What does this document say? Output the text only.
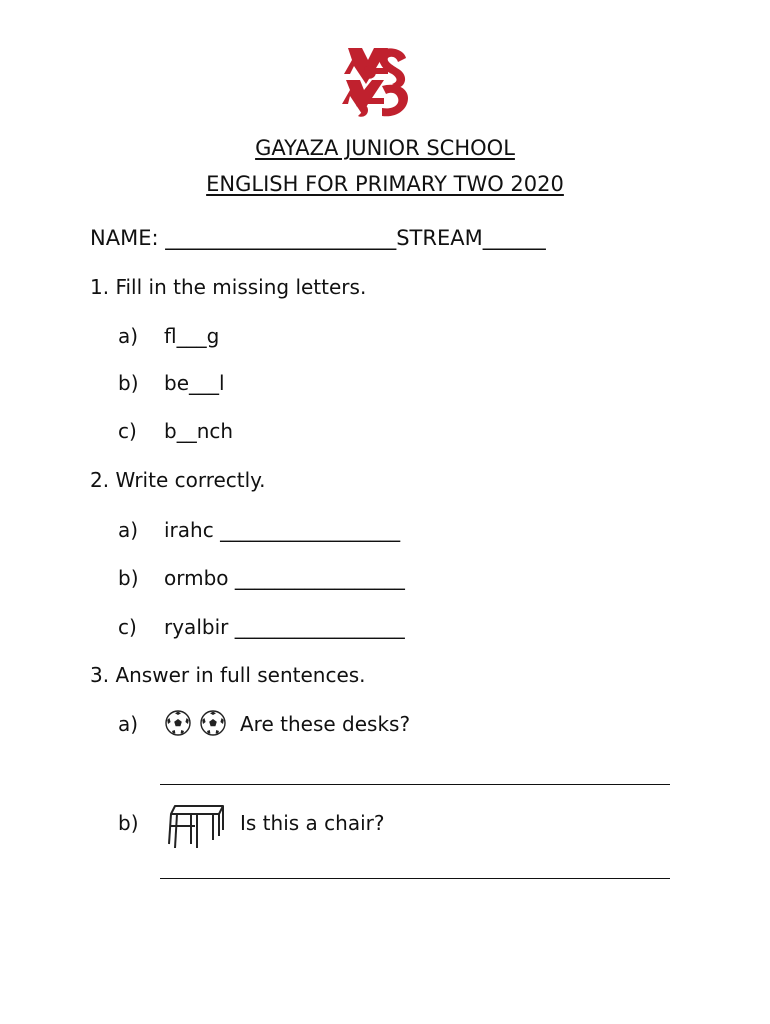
GAYAZA JUNIOR SCHOOL
ENGLISH FOR PRIMARY TWO 2020
NAME: ______________________STREAM______
1. Fill in the missing letters.
a) fl___g
b) be___l
c) b__nch
2. Write correctly.
a) irahc __________________
b) ormbo _________________
c) ryalbir _________________
3. Answer in full sentences.
a)	Are these desks?
b)	Is this a chair?
